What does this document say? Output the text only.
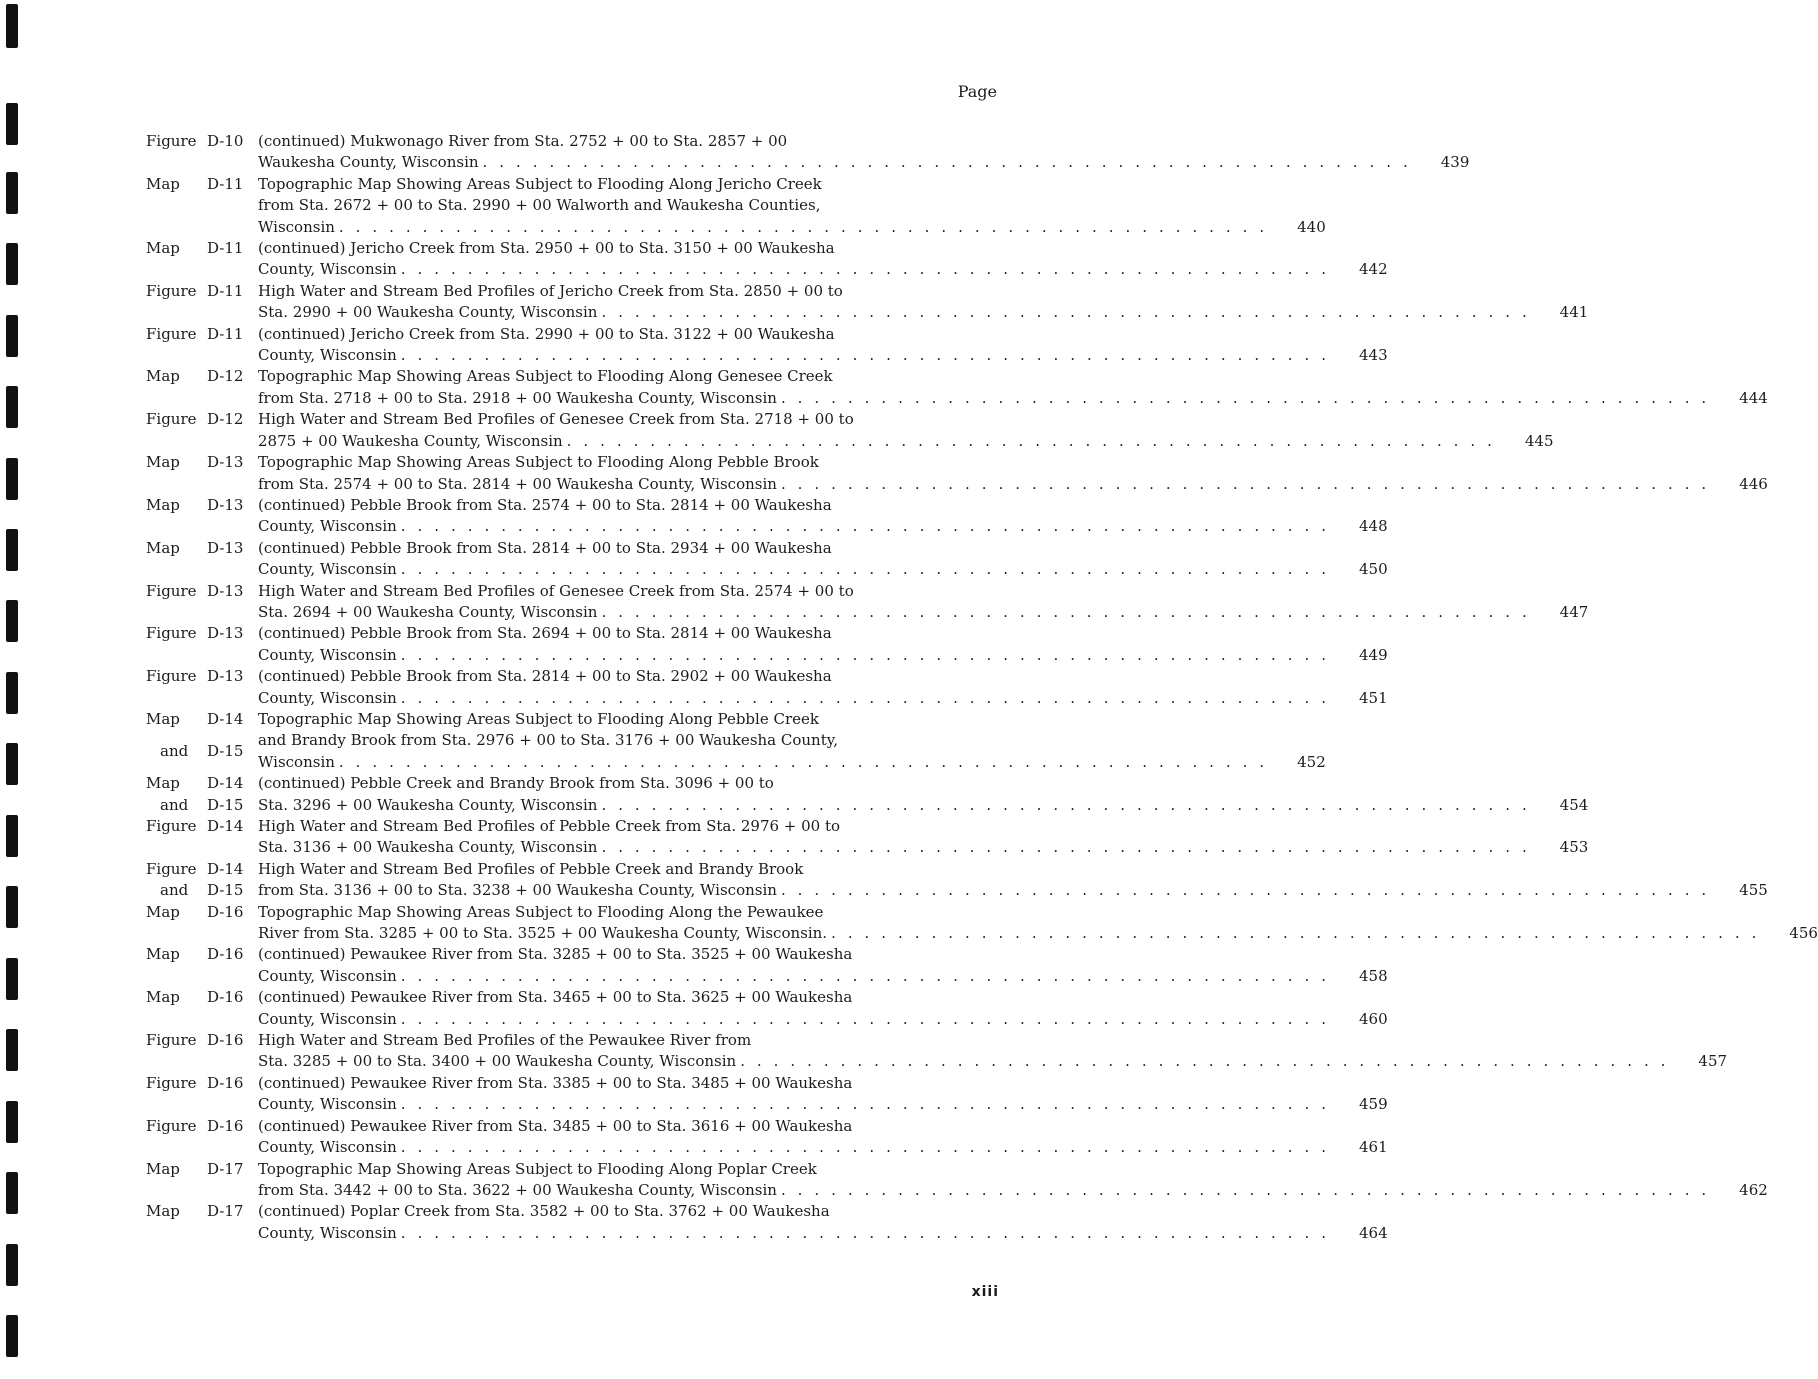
Page
Figure D-10 (continued) Mukwonago River from Sta. 2752 + 00 to Sta. 2857 + 00
Waukesha County, Wisconsin . . .	439
Map	D-11 Topographic Map Showing Areas Subject to Flooding Along Jericho Creek
from Sta. 2672 + 00 to Sta. 2990 + 00 Walworth and Waukesha Counties,
Wisconsin . . .	440
Map	D-11 (continued) Jericho Creek from Sta. 2950 + 00 to Sta. 3150 + 00 Waukesha
County, Wisconsin . . .	442
Figure D-11 High Water and Stream Bed Profiles of Jericho Creek from Sta. 2850 + 00 to
Sta. 2990 + 00 Waukesha County, Wisconsin . . .	441
Figure D-11 (continued) Jericho Creek from Sta. 2990 + 00 to Sta. 3122 + 00 Waukesha
County, Wisconsin . . .	443
Map	D-12 Topographic Map Showing Areas Subject to Flooding Along Genesee Creek
from Sta. 2718 + 00 to Sta. 2918 + 00 Waukesha County, Wisconsin . . .	444
Figure D-12 High Water and Stream Bed Profiles of Genesee Creek from Sta. 2718 + 00 to
2875 + 00 Waukesha County, Wisconsin . . .	445
Map	D-13 Topographic Map Showing Areas Subject to Flooding Along Pebble Brook
from Sta. 2574 + 00 to Sta. 2814 + 00 Waukesha County, Wisconsin . . .	446
Map	D-13 (continued) Pebble Brook from Sta. 2574 + 00 to Sta. 2814 + 00 Waukesha
County, Wisconsin . . .	448
Map	D-13 (continued) Pebble Brook from Sta. 2814 + 00 to Sta. 2934 + 00 Waukesha
County, Wisconsin . . .	450
Figure D-13 High Water and Stream Bed Profiles of Genesee Creek from Sta. 2574 + 00 to
Sta. 2694 + 00 Waukesha County, Wisconsin . . .	447
Figure D-13 (continued) Pebble Brook from Sta. 2694 + 00 to Sta. 2814 + 00 Waukesha
County, Wisconsin . . .	449
Figure D-13 (continued) Pebble Brook from Sta. 2814 + 00 to Sta. 2902 + 00 Waukesha
County, Wisconsin . . .	451
Map	D-14
and	D-15
Topographic Map Showing Areas Subject to Flooding Along Pebble Creek
and Brandy Brook from Sta. 2976 + 00 to Sta. 3176 + 00 Waukesha County,
Wisconsin . . .	452
Map	D-14
and	D-15
(continued) Pebble Creek and Brandy Brook from Sta. 3096 + 00 to
Sta. 3296 + 00 Waukesha County, Wisconsin . . .	454
Figure D-14 High Water and Stream Bed Profiles of Pebble Creek from Sta. 2976 + 00 to
Sta. 3136 + 00 Waukesha County, Wisconsin . . .	453
Figure D-14
and	D-15
High Water and Stream Bed Profiles of Pebble Creek and Brandy Brook
from Sta. 3136 + 00 to Sta. 3238 + 00 Waukesha County, Wisconsin . . .	455
Map	D-16 Topographic Map Showing Areas Subject to Flooding Along the Pewaukee
River from Sta. 3285 + 00 to Sta. 3525 + 00 Waukesha County, Wisconsin. . . .	456
Map	D-16 (continued) Pewaukee River from Sta. 3285 + 00 to Sta. 3525 + 00 Waukesha
County, Wisconsin . . .	458
Map	D-16 (continued) Pewaukee River from Sta. 3465 + 00 to Sta. 3625 + 00 Waukesha
County, Wisconsin . . .	460
Figure D-16 High Water and Stream Bed Profiles of the Pewaukee River from
Sta. 3285 + 00 to Sta. 3400 + 00 Waukesha County, Wisconsin . . .	457
Figure D-16 (continued) Pewaukee River from Sta. 3385 + 00 to Sta. 3485 + 00 Waukesha
County, Wisconsin . . .	459
Figure D-16 (continued) Pewaukee River from Sta. 3485 + 00 to Sta. 3616 + 00 Waukesha
County, Wisconsin . . .	461
Map	D-17 Topographic Map Showing Areas Subject to Flooding Along Poplar Creek
from Sta. 3442 + 00 to Sta. 3622 + 00 Waukesha County, Wisconsin . . .	462
Map	D-17 (continued) Poplar Creek from Sta. 3582 + 00 to Sta. 3762 + 00 Waukesha
County, Wisconsin . . .	464
xiii
